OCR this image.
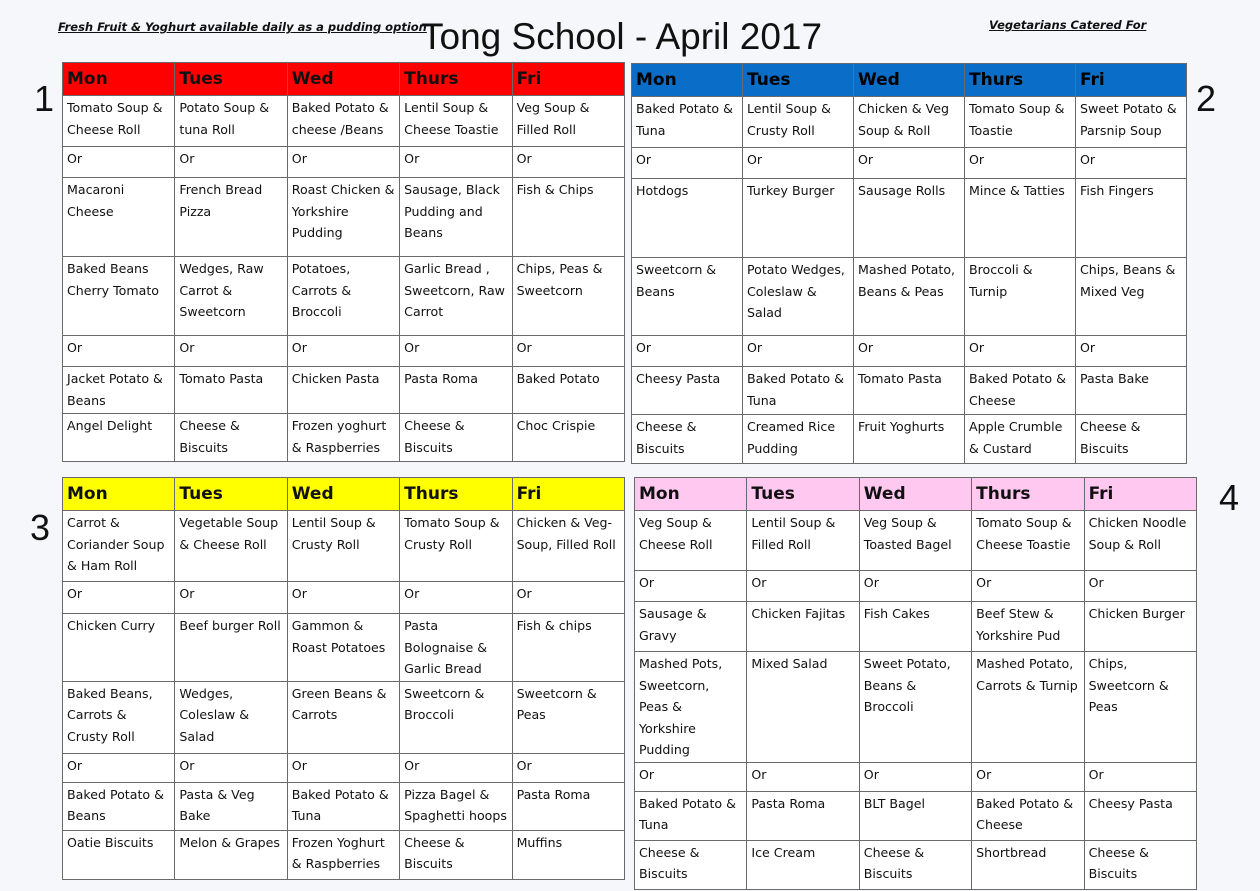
Fresh Fruit & Yoghurt available daily as a pudding option
Tong School - April 2017	Vegetarians Catered For
1	2
3
4
Mon	Tues	Wed	Thurs	Fri
Tomato Soup & Cheese Roll	Potato Soup & tuna Roll	Baked Potato & cheese /Beans	Lentil Soup & Cheese Toastie	Veg Soup & Filled Roll
Or	Or	Or	Or	Or
Macaroni Cheese	French Bread Pizza	Roast Chicken & Yorkshire Pudding	Sausage, Black Pudding and Beans	Fish & Chips
Baked Beans Cherry Tomato	Wedges, Raw Carrot & Sweetcorn	Potatoes, Carrots & Broccoli	Garlic Bread , Sweetcorn, Raw Carrot	Chips, Peas & Sweetcorn
Or	Or	Or	Or	Or
Jacket Potato & Beans	Tomato Pasta	Chicken Pasta	Pasta Roma	Baked Potato
Angel Delight	Cheese & Biscuits	Frozen yoghurt & Raspberries	Cheese & Biscuits	Choc Crispie
Mon	Tues	Wed	Thurs	Fri
Baked Potato & Tuna	Lentil Soup & Crusty Roll	Chicken & Veg Soup & Roll	Tomato Soup & Toastie	Sweet Potato & Parsnip Soup
Or	Or	Or	Or	Or
Hotdogs	Turkey Burger	Sausage Rolls	Mince & Tatties	Fish Fingers
Sweetcorn & Beans	Potato Wedges, Coleslaw & Salad	Mashed Potato, Beans & Peas	Broccoli & Turnip	Chips, Beans & Mixed Veg
Or	Or	Or	Or	Or
Cheesy Pasta	Baked Potato & Tuna	Tomato Pasta	Baked Potato & Cheese	Pasta Bake
Cheese & Biscuits	Creamed Rice Pudding	Fruit Yoghurts	Apple Crumble & Custard	Cheese & Biscuits
Mon	Tues	Wed	Thurs	Fri
Carrot & Coriander Soup & Ham Roll	Vegetable Soup & Cheese Roll	Lentil Soup & Crusty Roll	Tomato Soup & Crusty Roll	Chicken & Veg-Soup, Filled Roll
Or	Or	Or	Or	Or
Chicken Curry	Beef burger Roll	Gammon & Roast Potatoes	Pasta Bolognaise & Garlic Bread	Fish & chips
Baked Beans, Carrots & Crusty Roll	Wedges, Coleslaw & Salad	Green Beans & Carrots	Sweetcorn & Broccoli	Sweetcorn & Peas
Or	Or	Or	Or	Or
Baked Potato & Beans	Pasta & Veg Bake	Baked Potato & Tuna	Pizza Bagel & Spaghetti hoops	Pasta Roma
Oatie Biscuits	Melon & Grapes	Frozen Yoghurt & Raspberries	Cheese & Biscuits	Muffins
Mon	Tues	Wed	Thurs	Fri
Veg Soup & Cheese Roll	Lentil Soup & Filled Roll	Veg Soup & Toasted Bagel	Tomato Soup & Cheese Toastie	Chicken Noodle Soup & Roll
Or	Or	Or	Or	Or
Sausage & Gravy	Chicken Fajitas	Fish Cakes	Beef Stew & Yorkshire Pud	Chicken Burger
Mashed Pots, Sweetcorn, Peas & Yorkshire Pudding	Mixed Salad	Sweet Potato, Beans & Broccoli	Mashed Potato, Carrots & Turnip	Chips, Sweetcorn & Peas
Or	Or	Or	Or	Or
Baked Potato & Tuna	Pasta Roma	BLT Bagel	Baked Potato & Cheese	Cheesy Pasta
Cheese & Biscuits	Ice Cream	Cheese & Biscuits	Shortbread	Cheese & Biscuits
